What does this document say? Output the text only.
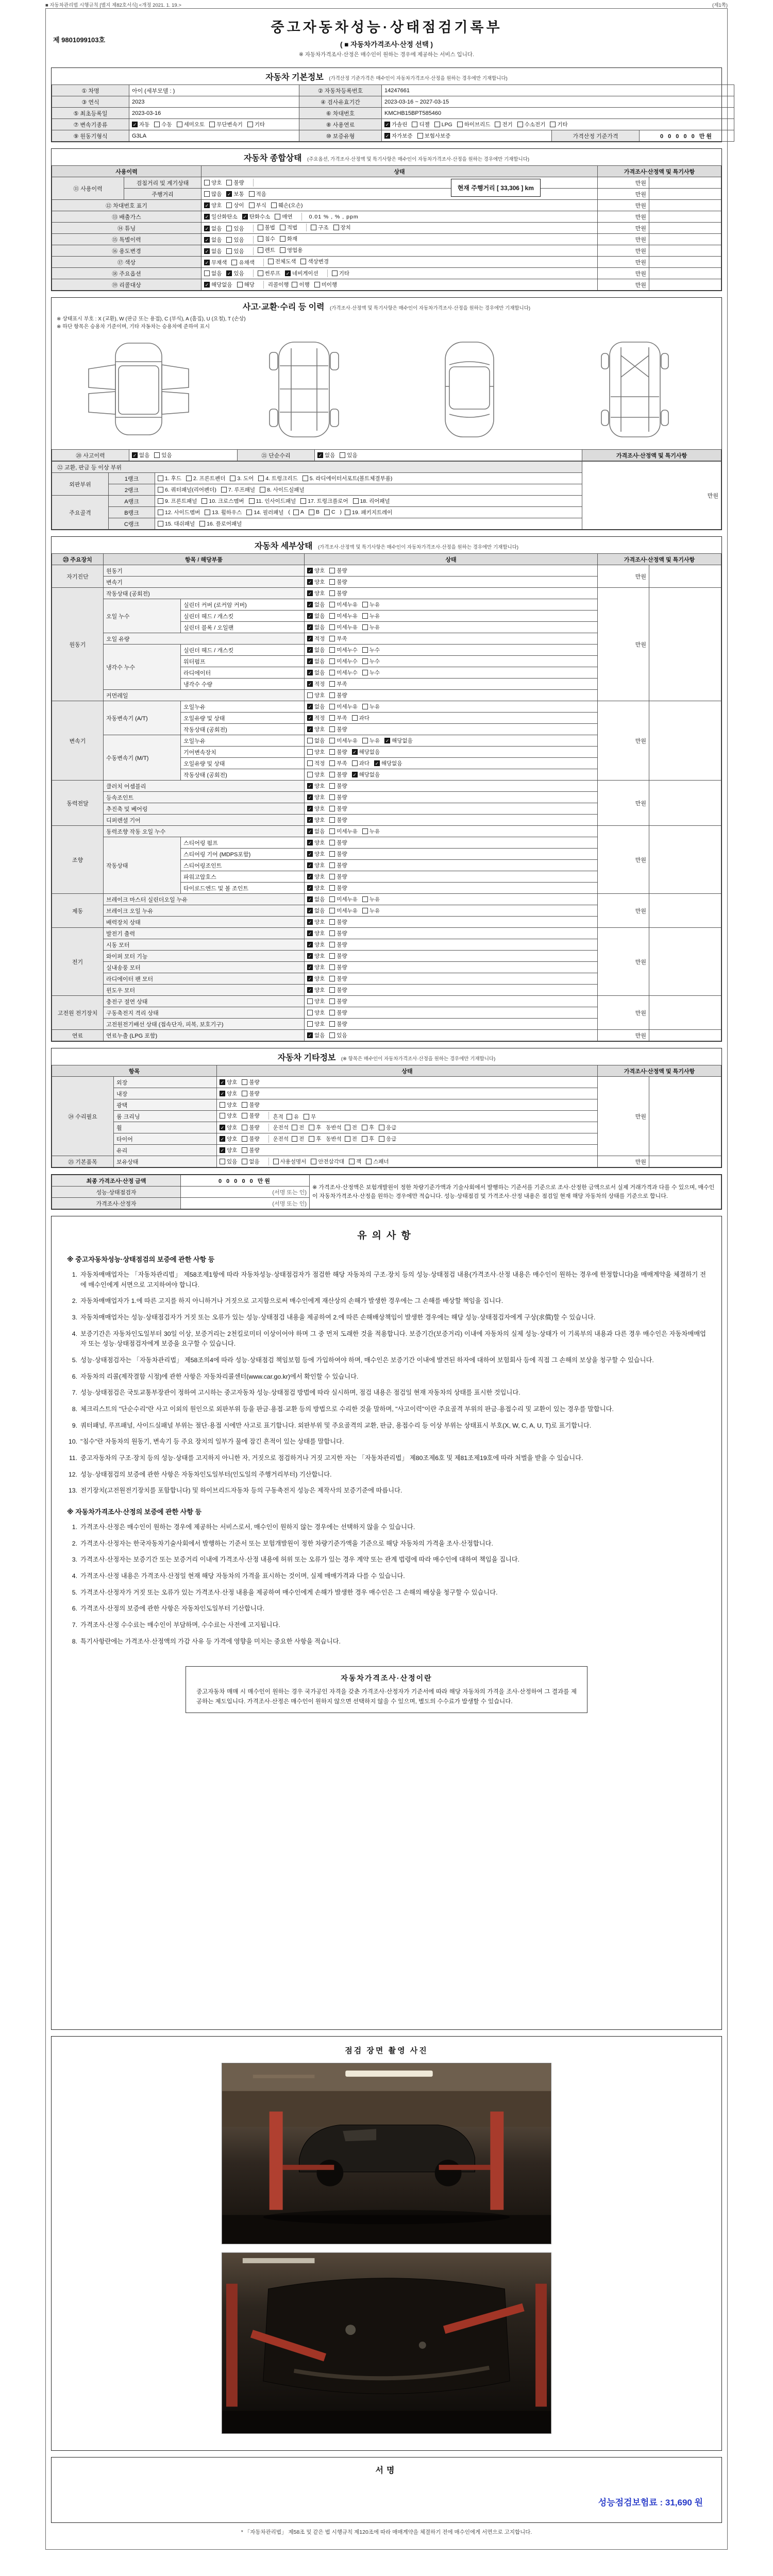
■ 자동차관리법 시행규칙 [별지 제82호서식] <개정 2021. 1. 19.>	(제1쪽)
제 9801099103호
중고자동차성능·상태점검기록부
( ■ 자동차가격조사·산정 선택 )
※ 자동차가격조사·산정은 매수인이 원하는 경우에 제공하는 서비스 입니다.
자동차 기본정보 (가격산정 기준가격은 매수인이 자동차가격조사·산정을 원하는 경우에만 기재합니다)
① 차명	아이 (세부모델 : )	② 자동차등록번호	14247661		
③ 연식	2023	④ 검사유효기간	2023-03-16 ~ 2027-03-15		
⑤ 최초등록일	2023-03-16	⑥ 차대번호	KMCHB15BPT585460		
⑦ 변속기종류	✓ 자동 수동 세미오토 무단변속기 기타	⑧ 사용연료	✓ 가솔린 디젤 LPG 하이브리드 전기 수소전기 기타

⑨ 원동기형식	G3LA	⑩ 보증유형	✓ 자가보증 보험사보증	가격산정 기준가격	0 0 0 0 0 만원
자동차 종합상태 (주요옵션, 가격조사·산정액 및 특기사항은 매수인이 자동차가격조사·산정을 원하는 경우에만 기재합니다)
사용이력		상태	가격조사·산정액 및 특기사항	
⑪ 사용이력	검침거리 및 계기상태	양호 불량
현재 주행거리 [ 33,306 ] km	만원	
	주행거리	많음 ✓ 보통 적음	만원	
⑫ 차대번호 표기		✓ 양호 상이 부식 훼손(오손)	만원	
⑬ 배출가스	✓ 일산화탄소 ✓ 탄화수소 매연	0.01 % , % , ppm	만원	
⑭ 튜닝	✓ 없음 있음	불법 적법	구조 장치	만원	
⑮ 특별이력		✓ 없음 있음 침수 화재	만원	
⑯ 용도변경		✓ 없음 있음 렌트 영업용	만원	
⑰ 색상		✓ 무채색 유채색 전체도색 색상변경	만원	
⑱ 주요옵션	없음 ✓ 있음	썬루프 ✓ 네비게이션	기타	만원	
⑲ 리콜대상	✓ 해당없음 해당 리콜이행 이행 미이행	만원	
사고·교환·수리 등 이력 (가격조사·산정액 및 특기사항은 매수인이 자동차가격조사·산정을 원하는 경우에만 기재합니다)
※ 상태표시 부호 : X (교환), W (판금 또는 용접), C (부식), A (흠집), U (요철), T (손상)
※ 하단 항목은 승용차 기준이며, 기타 자동차는 승용차에 준하여 표시
⑳ 사고이력	✓ 없음 있음	㉑ 단순수리	✓ 없음 있음	가격조사·산정액 및 특기사항
㉒ 교환, 판금 등 이상 부위			만원
외판부위	1랭크	1. 후드 2. 프론트펜더 3. 도어 4. 트렁크리드 5. 라디에이터서포트(볼트체결부품)	

	2랭크	6. 쿼터패널(리어펜더) 7. 루프패널 8. 사이드실패널	

주요골격	A랭크	9. 프론트패널 10. 크로스멤버 11. 인사이드패널 17. 트렁크플로어 18. 리어패널	

B랭크	12. 사이드멤버 13. 휠하우스 14. 필러패널 ( A B C ) 19. 패키지트레이

	C랭크	15. 대쉬패널 16. 플로어패널	
자동차 세부상태 (가격조사·산정액 및 특기사항은 매수인이 자동차가격조사·산정을 원하는 경우에만 기재합니다)
㉓ 주요장치	항목 / 해당부품		상태	가격조사·산정액 및 특기사항	
자기진단	원동기		✓ 양호 불량	만원	
	변속기		✓ 양호 불량		

원동기	작동상태 (공회전)		✓ 양호 불량	만원	
	오일 누수	실린더 커버 (로커암 커버)	✓ 없음 미세누유 누유		

		실린더 헤드 / 개스킷	✓ 없음 미세누유 누유		

		실린더 블록 / 오일팬	✓ 없음 미세누유 누유		

	오일 유량		✓ 적정 부족		

	냉각수 누수	실린더 헤드 / 개스킷	✓ 없음 미세누수 누수		

		워터펌프	✓ 없음 미세누수 누수		

		라디에이터	✓ 없음 미세누수 누수		

		냉각수 수량	✓ 적정 부족		

	커먼레일		양호 불량		

변속기	자동변속기 (A/T)	오일누유	✓ 없음 미세누유 누유	만원	
		오일유량 및 상태	✓ 적정 부족 과다		

		작동상태 (공회전)	✓ 양호 불량		

	수동변속기 (M/T)	오일누유	없음 미세누유 누유 ✓ 해당없음		

		기어변속장치	양호 불량 ✓ 해당없음		

		오일유량 및 상태	적정 부족 과다 ✓ 해당없음		

		작동상태 (공회전)	양호 불량 ✓ 해당없음		

동력전달	클러치 어셈블리		✓ 양호 불량	만원	
	등속조인트		✓ 양호 불량		

	추진축 및 베어링		✓ 양호 불량		

	디퍼렌셜 기어		✓ 양호 불량		

조향	동력조향 작동 오일 누수		✓ 없음 미세누유 누유	만원	
	작동상태	스티어링 펌프	✓ 양호 불량		

		스티어링 기어 (MDPS포함)	✓ 양호 불량		

		스티어링조인트	✓ 양호 불량		

		파워고압호스	✓ 양호 불량		

		타이로드엔드 및 볼 조인트	✓ 양호 불량		

제동	브레이크 마스터 실린더오일 누유		✓ 없음 미세누유 누유	만원	
	브레이크 오일 누유		✓ 없음 미세누유 누유		

	배력장치 상태		✓ 양호 불량		

전기	발전기 출력		✓ 양호 불량	만원	
	시동 모터		✓ 양호 불량		

	와이퍼 모터 기능		✓ 양호 불량		

	실내송풍 모터		✓ 양호 불량		

	라디에이터 팬 모터		✓ 양호 불량		

	윈도우 모터		✓ 양호 불량		

고전원 전기장치	충전구 절연 상태		양호 불량	만원	
	구동축전지 격리 상태		양호 불량		

	고전원전기배선 상태 (접속단자, 피복, 보호기구)		양호 불량		

연료	연료누출 (LPG 포함)		✓ 없음 있음	만원	
자동차 기타정보 (※ 항목은 매수인이 자동차가격조사·산정을 원하는 경우에만 기재합니다)
항목		상태	가격조사·산정액 및 특기사항	
㉔ 수리필요	외장	✓ 양호 불량	만원	
	내장	✓ 양호 불량		

	광택	양호 불량		

	룸 크리닝	양호 불량 흔적 유 무		

휠	✓ 양호 불량 운전석 전 후 동반석 전 후 응급

타이어	✓ 양호 불량 운전석 전 후 동반석 전 후 응급

	유리	✓ 양호 불량		

㉕ 기본품목	보유상태	있음 없음	사용설명서 안전삼각대 잭 스패너	만원	
최종 가격조사·산정 금액	0 0 0 0 0 만원	※ 가격조사·산정액은 보험개발원이 정한 차량기준가액과 기술사회에서 발행하는 기준서를 기준으로 조사·산정한 금액으로서 실제 거래가격과 다를 수 있으며, 매수인이 자동차가격조사·산정을 원하는 경우에만 적습니다. 성능·상태점검 및 가격조사·산정 내용은 점검일 현재 해당 자동차의 상태를 기준으로 합니다.
성능·상태점검자	(서명 또는 인)	
가격조사·산정자	(서명 또는 인)	
유의사항
※ 중고자동차성능·상태점검의 보증에 관한 사항 등
1. 자동차매매업자는 「자동차관리법」 제58조제1항에 따라 자동차성능·상태점검자가 점검한 해당 자동차의 구조·장치 등의 성능·상태점검 내용(가격조사·산정 내용은 매수인이 원하는 경우에 한정합니다)을 매매계약을 체결하기 전에 매수인에게 서면으로 고지하여야 합니다.
2. 자동차매매업자가 1.에 따른 고지를 하지 아니하거나 거짓으로 고지함으로써 매수인에게 재산상의 손해가 발생한 경우에는 그 손해를 배상할 책임을 집니다.
3. 자동차매매업자는 성능·상태점검자가 거짓 또는 오류가 있는 성능·상태점검 내용을 제공하여 2.에 따른 손해배상책임이 발생한 경우에는 해당 성능·상태점검자에게 구상(求償)할 수 있습니다.
4. 보증기간은 자동차인도일부터 30일 이상, 보증거리는 2천킬로미터 이상이어야 하며 그 중 먼저 도래한 것을 적용합니다. 보증기간(보증거리) 이내에 자동차의 실제 성능·상태가 이 기록부의 내용과 다른 경우 매수인은 자동차매매업자 또는 성능·상태점검자에게 보증을 요구할 수 있습니다.
5. 성능·상태점검자는 「자동차관리법」 제58조의4에 따라 성능·상태점검 책임보험 등에 가입하여야 하며, 매수인은 보증기간 이내에 발견된 하자에 대하여 보험회사 등에 직접 그 손해의 보상을 청구할 수 있습니다.
6. 자동차의 리콜(제작결함 시정)에 관한 사항은 자동차리콜센터(www.car.go.kr)에서 확인할 수 있습니다.
7. 성능·상태점검은 국토교통부장관이 정하여 고시하는 중고자동차 성능·상태점검 방법에 따라 실시하며, 점검 내용은 점검일 현재 자동차의 상태를 표시한 것입니다.
8. 체크리스트의 "단순수리"란 사고 이외의 원인으로 외판부위 등을 판금·용접·교환 등의 방법으로 수리한 것을 말하며, "사고이력"이란 주요골격 부위의 판금·용접수리 및 교환이 있는 경우를 말합니다.
9. 쿼터패널, 루프패널, 사이드실패널 부위는 절단·용접 시에만 사고로 표기합니다. 외판부위 및 주요골격의 교환, 판금, 용접수리 등 이상 부위는 상태표시 부호(X, W, C, A, U, T)로 표기합니다.
10. "침수"란 자동차의 원동기, 변속기 등 주요 장치의 일부가 물에 잠긴 흔적이 있는 상태를 말합니다.
11. 중고자동차의 구조·장치 등의 성능·상태를 고지하지 아니한 자, 거짓으로 점검하거나 거짓 고지한 자는 「자동차관리법」 제80조제6호 및 제81조제19호에 따라 처벌을 받을 수 있습니다.
12. 성능·상태점검의 보증에 관한 사항은 자동차인도일부터(인도일의 주행거리부터) 기산합니다.
13. 전기장치(고전원전기장치를 포함합니다) 및 하이브리드자동차 등의 구동축전지 성능은 제작사의 보증기준에 따릅니다.
※ 자동차가격조사·산정의 보증에 관한 사항 등
1. 가격조사·산정은 매수인이 원하는 경우에 제공하는 서비스로서, 매수인이 원하지 않는 경우에는 선택하지 않을 수 있습니다.
2. 가격조사·산정자는 한국자동차기술사회에서 발행하는 기준서 또는 보험개발원이 정한 차량기준가액을 기준으로 해당 자동차의 가격을 조사·산정합니다.
3. 가격조사·산정자는 보증기간 또는 보증거리 이내에 가격조사·산정 내용에 허위 또는 오류가 있는 경우 계약 또는 관계 법령에 따라 매수인에 대하여 책임을 집니다.
4. 가격조사·산정 내용은 가격조사·산정일 현재 해당 자동차의 가격을 표시하는 것이며, 실제 매매가격과 다를 수 있습니다.
5. 가격조사·산정자가 거짓 또는 오류가 있는 가격조사·산정 내용을 제공하여 매수인에게 손해가 발생한 경우 매수인은 그 손해의 배상을 청구할 수 있습니다.
6. 가격조사·산정의 보증에 관한 사항은 자동차인도일부터 기산합니다.
7. 가격조사·산정 수수료는 매수인이 부담하며, 수수료는 사전에 고지됩니다.
8. 특기사항란에는 가격조사·산정액의 가감 사유 등 가격에 영향을 미치는 중요한 사항을 적습니다.
자동차가격조사·산정이란
중고자동차 매매 시 매수인이 원하는 경우 국가공인 자격을 갖춘 가격조사·산정자가 기준서에 따라 해당 자동차의 가격을 조사·산정하여 그 결과를 제공하는 제도입니다. 가격조사·산정은 매수인이 원하지 않으면 선택하지 않을 수 있으며, 별도의 수수료가 발생할 수 있습니다.
점검 장면 촬영 사진
서명
성능점검보험료 : 31,690 원
* 「자동차관리법」 제58조 및 같은 법 시행규칙 제120조에 따라 매매계약을 체결하기 전에 매수인에게 서면으로 고지합니다.
